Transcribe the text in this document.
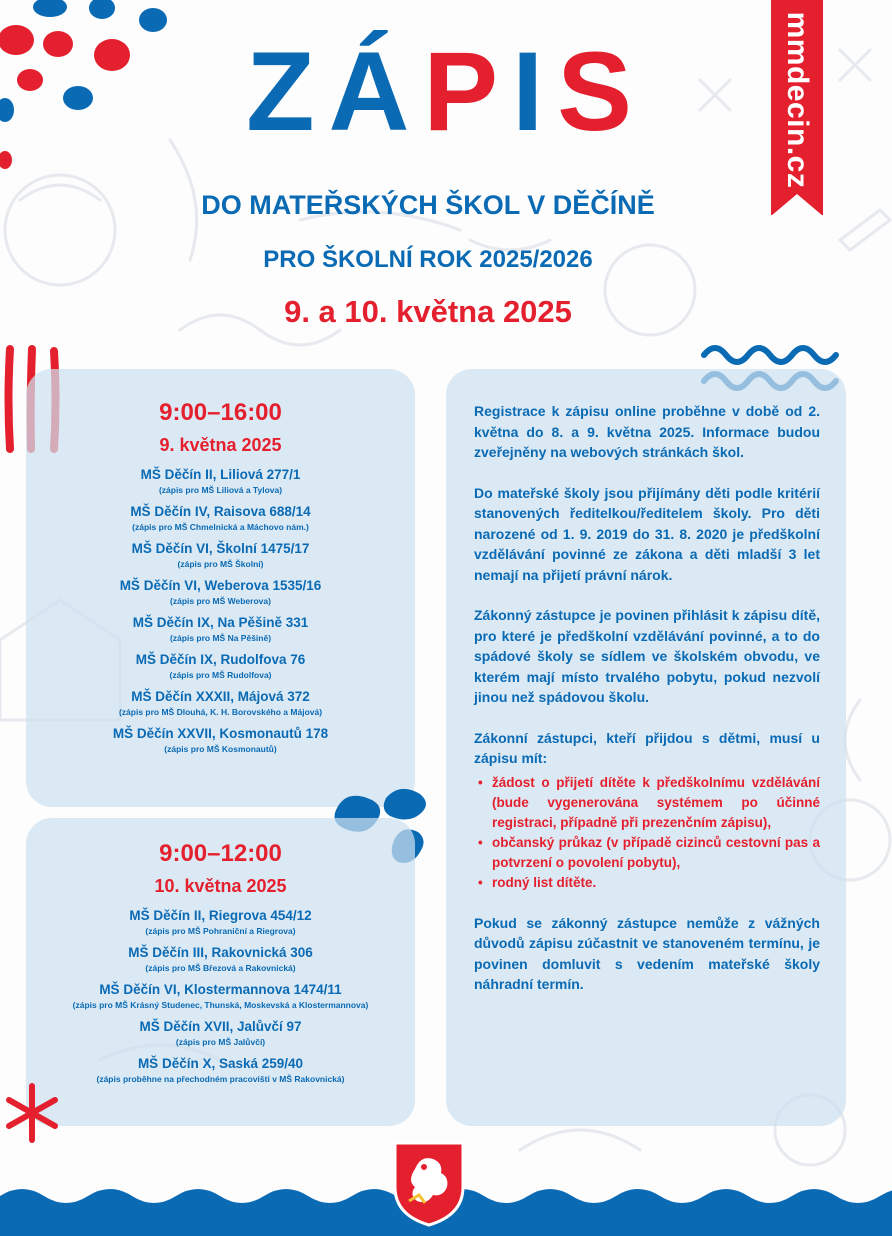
mmdecin.cz
ZÁPIS
DO MATEŘSKÝCH ŠKOL V DĚČÍNĚ
PRO ŠKOLNÍ ROK 2025/2026
9. a 10. května 2025
9:00–16:00
9. května 2025
MŠ Děčín II, Liliová 277/1
(zápis pro MŠ Liliová a Tylova)
MŠ Děčín IV, Raisova 688/14
(zápis pro MŠ Chmelnická a Máchovo nám.)
MŠ Děčín VI, Školní 1475/17
(zápis pro MŠ Školní)
MŠ Děčín VI, Weberova 1535/16
(zápis pro MŠ Weberova)
MŠ Děčín IX, Na Pěšině 331
(zápis pro MŠ Na Pěšině)
MŠ Děčín IX, Rudolfova 76
(zápis pro MŠ Rudolfova)
MŠ Děčín XXXII, Májová 372
(zápis pro MŠ Dlouhá, K. H. Borovského a Májová)
MŠ Děčín XXVII, Kosmonautů 178
(zápis pro MŠ Kosmonautů)
9:00–12:00
10. května 2025
MŠ Děčín II, Riegrova 454/12
(zápis pro MŠ Pohraniční a Riegrova)
MŠ Děčín III, Rakovnická 306
(zápis pro MŠ Březová a Rakovnická)
MŠ Děčín VI, Klostermannova 1474/11
(zápis pro MŠ Krásný Studenec, Thunská, Moskevská a Klostermannova)
MŠ Děčín XVII, Jalůvčí 97
(zápis pro MŠ Jalůvčí)
MŠ Děčín X, Saská 259/40
(zápis proběhne na přechodném pracovišti v MŠ Rakovnická)

Registrace k zápisu online proběhne v době od 2. května do 8. a 9. května 2025. Informace budou zveřejněny na webových stránkách škol.

Do mateřské školy jsou přijímány děti podle kritérií stanovených ředitelkou/ředitelem školy. Pro děti narozené od 1. 9. 2019 do 31. 8. 2020 je předškolní vzdělávání povinné ze zákona a děti mladší 3 let nemají na přijetí právní nárok.

Zákonný zástupce je povinen přihlásit k zápisu dítě, pro které je předškolní vzdělávání povinné, a to do spádové školy se sídlem ve školském obvodu, ve kterém mají místo trvalého pobytu, pokud nezvolí jinou než spádovou školu.

Zákonní zástupci, kteří přijdou s dětmi, musí u zápisu mít:

• žádost o přijetí dítěte k předškolnímu vzdělávání (bude vygenerována systémem po účinné registraci, případně při prezenčním zápisu),
• občanský průkaz (v případě cizinců cestovní pas a potvrzení o povolení pobytu),
• rodný list dítěte.

Pokud se zákonný zástupce nemůže z vážných důvodů zápisu zúčastnit ve stanoveném termínu, je povinen domluvit s vedením mateřské školy náhradní termín.
